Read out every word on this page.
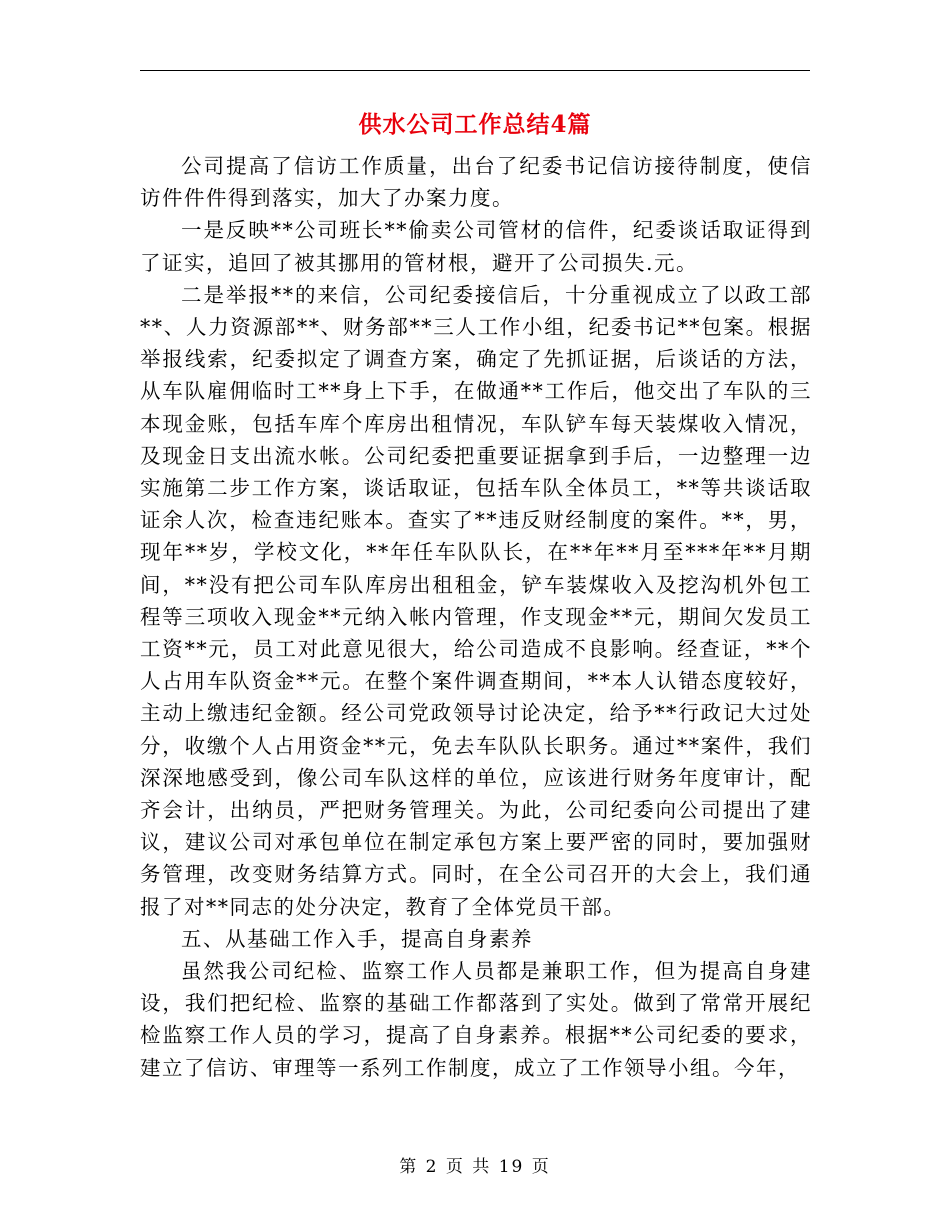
供水公司工作总结4篇

公司提高了信访工作质量，出台了纪委书记信访接待制度，使信访件件件得到落实，加大了办案力度。

一是反映**公司班长**偷卖公司管材的信件，纪委谈话取证得到了证实，追回了被其挪用的管材根，避开了公司损失.元。

二是举报**的来信，公司纪委接信后，十分重视成立了以政工部**、人力资源部**、财务部**三人工作小组，纪委书记**包案。根据举报线索，纪委拟定了调查方案，确定了先抓证据，后谈话的方法，从车队雇佣临时工**身上下手，在做通**工作后，他交出了车队的三本现金账，包括车库个库房出租情况，车队铲车每天装煤收入情况，及现金日支出流水帐。公司纪委把重要证据拿到手后，一边整理一边实施第二步工作方案，谈话取证，包括车队全体员工，**等共谈话取证余人次，检查违纪账本。查实了**违反财经制度的案件。**，男，现年**岁，学校文化，**年任车队队长，在**年**月至***年**月期间，**没有把公司车队库房出租租金，铲车装煤收入及挖沟机外包工程等三项收入现金**元纳入帐内管理，作支现金**元，期间欠发员工工资**元，员工对此意见很大，给公司造成不良影响。经查证，**个人占用车队资金**元。在整个案件调查期间，**本人认错态度较好，主动上缴违纪金额。经公司党政领导讨论决定，给予**行政记大过处分，收缴个人占用资金**元，免去车队队长职务。通过**案件，我们深深地感受到，像公司车队这样的单位，应该进行财务年度审计，配齐会计，出纳员，严把财务管理关。为此，公司纪委向公司提出了建议，建议公司对承包单位在制定承包方案上要严密的同时，要加强财务管理，改变财务结算方式。同时，在全公司召开的大会上，我们通报了对**同志的处分决定，教育了全体党员干部。

五、从基础工作入手，提高自身素养

虽然我公司纪检、监察工作人员都是兼职工作，但为提高自身建设，我们把纪检、监察的基础工作都落到了实处。做到了常常开展纪检监察工作人员的学习，提高了自身素养。根据**公司纪委的要求，建立了信访、审理等一系列工作制度，成立了工作领导小组。今年，

第 2 页 共 19 页
